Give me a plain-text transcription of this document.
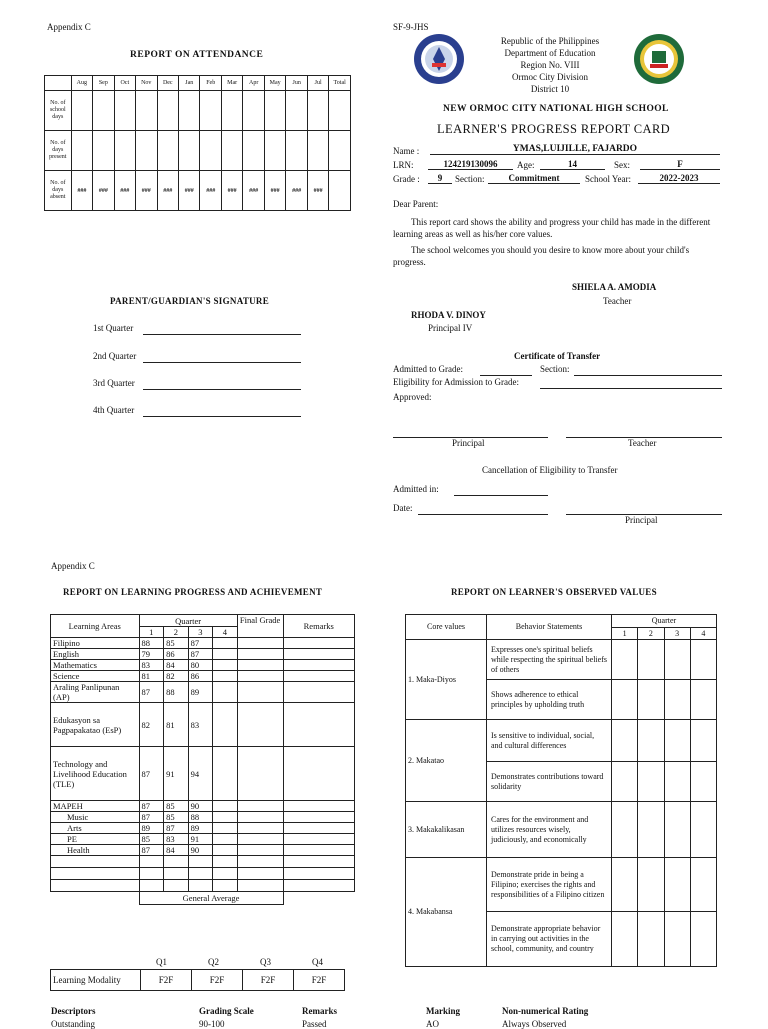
Appendix C
REPORT ON ATTENDANCE
	Aug	Sep	Oct	Nov	Dec	Jan	Feb	Mar	Apr	May	Jun	Jul	Total
No. of school days													
No. of days present													
No. of days absent	###	###	###	###	###	###	###	###	###	###	###	###	
PARENT/GUARDIAN'S SIGNATURE
1st Quarter
2nd Quarter
3rd Quarter
4th Quarter
SF-9-JHS
Republic of the Philippines
Department of Education
Region No. VIII
Ormoc City Division
District 10
NEW ORMOC CITY NATIONAL HIGH SCHOOL
LEARNER'S PROGRESS REPORT CARD
Name :	YMAS,LUIJILLE, FAJARDO
LRN:	124219130096	Age:	14	Sex:	F
Grade :	9	Section:	Commitment	School Year:	2022-2023
Dear Parent:
This report card shows the ability and progress your child has made in the different learning areas as well as his/her core values.
The school welcomes you should you desire to know more about your child's progress.
SHIELA A. AMODIA
Teacher
RHODA V. DINOY
Principal IV
Certificate of Transfer
Admitted to Grade:	Section:
Eligibility for Admission to Grade:
Approved:
Principal	Teacher
Cancellation of Eligibility to Transfer
Admitted in:
Date:
Principal
Appendix C
REPORT ON LEARNING PROGRESS AND ACHIEVEMENT
Learning Areas	Quarter				Final Grade	Remarks
	1	2	3	4		
Filipino	88	85	87			
English	79	86	87			
Mathematics	83	84	80			
Science	81	82	86			
Araling Panlipunan (AP)	87	88	89			
Edukasyon sa Pagpapakatao (EsP)	82	81	83			
Technology and Livelihood Education (TLE)	87	91	94			
MAPEH	87	85	90			
Music	87	85	88			
Arts	89	87	89			
PE	85	83	91			
Health	87	84	90			

	General Average					
Q1	Q2	Q3	Q4
Learning Modality	F2F	F2F	F2F	F2F
REPORT ON LEARNER'S OBSERVED VALUES
Core values	Behavior Statements	Quarter			
		1	2	3	4
1. Maka-Diyos	Expresses one's spiritual beliefs while respecting the spiritual beliefs of others				
	Shows adherence to ethical principles by upholding truth				
2. Makatao	Is sensitive to individual, social, and cultural differences				
	Demonstrates contributions toward solidarity				
3. Makakalikasan	Cares for the environment and utilizes resources wisely, judiciously, and economically				
4. Makabansa	Demonstrate pride in being a Filipino; exercises the rights and responsibilities of a Filipino citizen				
	Demonstrate appropriate behavior in carrying out activities in the school, community, and country				
Descriptors	Grading Scale	Remarks	Marking	Non-numerical Rating
Outstanding	90-100	Passed	AO	Always Observed
